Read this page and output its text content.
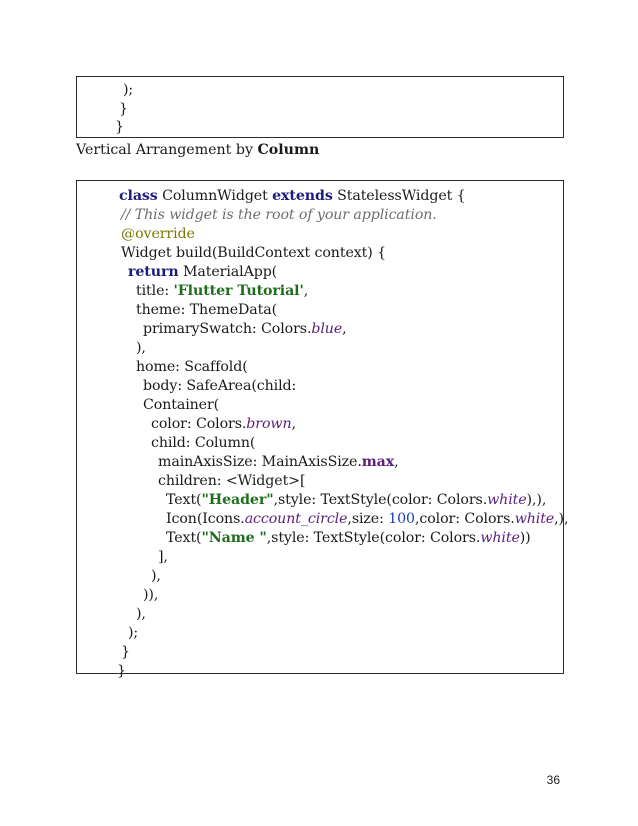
);
}
}
Vertical Arrangement by Column
class ColumnWidget extends StatelessWidget {
// This widget is the root of your application.
@override
Widget build(BuildContext context) {
return MaterialApp(
title: 'Flutter Tutorial',
theme: ThemeData(
primarySwatch: Colors.blue,
),
home: Scaffold(
body: SafeArea(child:
Container(
color: Colors.brown,
child: Column(
mainAxisSize: MainAxisSize.max,
children: <Widget>[
Text("Header",style: TextStyle(color: Colors.white),),
Icon(Icons.account_circle,size: 100,color: Colors.white,),
Text("Name ",style: TextStyle(color: Colors.white))
],
),
)),
),
);
}
}
36
